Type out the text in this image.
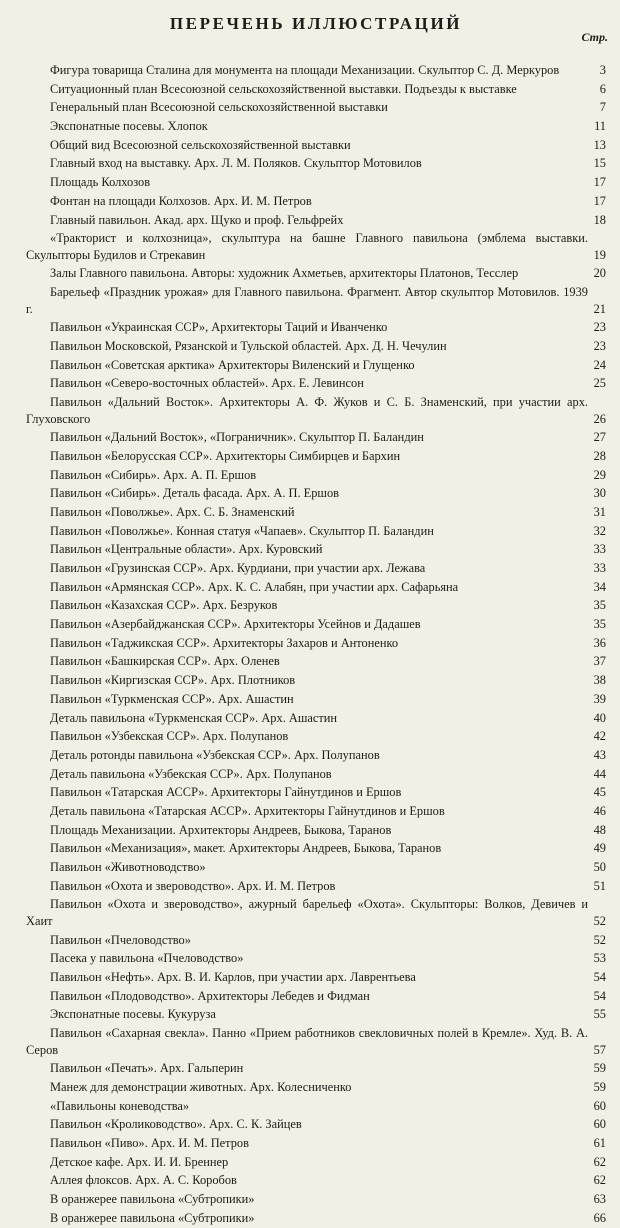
ПЕРЕЧЕНЬ ИЛЛЮСТРАЦИЙ
Стр.
Фигура товарища Сталина для монумента на площади Механизации. Скульптор С. Д. Меркуров	3
Ситуационный план Всесоюзной сельскохозяйственной выставки. Подъезды к выставке	6
Генеральный план Всесоюзной сельскохозяйственной выставки	7
Экспонатные посевы. Хлопок	11
Общий вид Всесоюзной сельскохозяйственной выставки	13
Главный вход на выставку. Арх. Л. М. Поляков. Скульптор Мотовилов	15
Площадь Колхозов	17
Фонтан на площади Колхозов. Арх. И. М. Петров	17
Главный павильон. Акад. арх. Щуко и проф. Гельфрейх	18
«Тракторист и колхозница», скульптура на башне Главного павильона (эмблема выставки. Скульпторы Будилов и Стрекавин	19
Залы Главного павильона. Авторы: художник Ахметьев, архитекторы Платонов, Тесслер	20
Барельеф «Праздник урожая» для Главного павильона. Фрагмент. Автор скульптор Мотовилов. 1939 г.	21
Павильон «Украинская ССР», Архитекторы Таций и Иванченко	23
Павильон Московской, Рязанской и Тульской областей. Арх. Д. Н. Чечулин	23
Павильон «Советская арктика» Архитекторы Виленский и Глущенко	24
Павильон «Северо-восточных областей». Арх. Е. Левинсон	25
Павильон «Дальний Восток». Архитекторы А. Ф. Жуков и С. Б. Знаменский, при участии арх. Глуховского	26
Павильон «Дальний Восток», «Пограничник». Скульптор П. Баландин	27
Павильон «Белорусская ССР». Архитекторы Симбирцев и Бархин	28
Павильон «Сибирь». Арх. А. П. Ершов	29
Павильон «Сибирь». Деталь фасада. Арх. А. П. Ершов	30
Павильон «Поволжье». Арх. С. Б. Знаменский	31
Павильон «Поволжье». Конная статуя «Чапаев». Скульптор П. Баландин	32
Павильон «Центральные области». Арх. Куровский	33
Павильон «Грузинская ССР». Арх. Курдиани, при участии арх. Лежава	33
Павильон «Армянская ССР». Арх. К. С. Алабян, при участии арх. Сафарьяна	34
Павильон «Казахская ССР». Арх. Безруков	35
Павильон «Азербайджанская ССР». Архитекторы Усейнов и Дадашев	35
Павильон «Таджикская ССР». Архитекторы Захаров и Антоненко	36
Павильон «Башкирская ССР». Арх. Оленев	37
Павильон «Киргизская ССР». Арх. Плотников	38
Павильон «Туркменская ССР». Арх. Ашастин	39
Деталь павильона «Туркменская ССР». Арх. Ашастин	40
Павильон «Узбекская ССР». Арх. Полупанов	42
Деталь ротонды павильона «Узбекская ССР». Арх. Полупанов	43
Деталь павильона «Узбекская ССР». Арх. Полупанов	44
Павильон «Татарская АССР». Архитекторы Гайнутдинов и Ершов	45
Деталь павильона «Татарская АССР». Архитекторы Гайнутдинов и Ершов	46
Площадь Механизации. Архитекторы Андреев, Быкова, Таранов	48
Павильон «Механизация», макет. Архитекторы Андреев, Быкова, Таранов	49
Павильон «Животноводство»	50
Павильон «Охота и звероводство». Арх. И. М. Петров	51
Павильон «Охота и звероводство», ажурный барельеф «Охота». Скульпторы: Волков, Девичев и Хаит	52
Павильон «Пчеловодство»	52
Пасека у павильона «Пчеловодство»	53
Павильон «Нефть». Арх. В. И. Карлов, при участии арх. Лаврентьева	54
Павильон «Плодоводство». Архитекторы Лебедев и Фидман	54
Экспонатные посевы. Кукуруза	55
Павильон «Сахарная свекла». Панно «Прием работников свекловичных полей в Кремле». Худ. В. А. Серов	57
Павильон «Печать». Арх. Гальперин	59
Манеж для демонстрации животных. Арх. Колесниченко	59
«Павильоны коневодства»	60
Павильон «Кролиководство». Арх. С. К. Зайцев	60
Павильон «Пиво». Арх. И. М. Петров	61
Детское кафе. Арх. И. И. Бреннер	62
Аллея флоксов. Арх. А. С. Коробов	62
В оранжерее павильона «Субтропики»	63
В оранжерее павильона «Субтропики»	66
